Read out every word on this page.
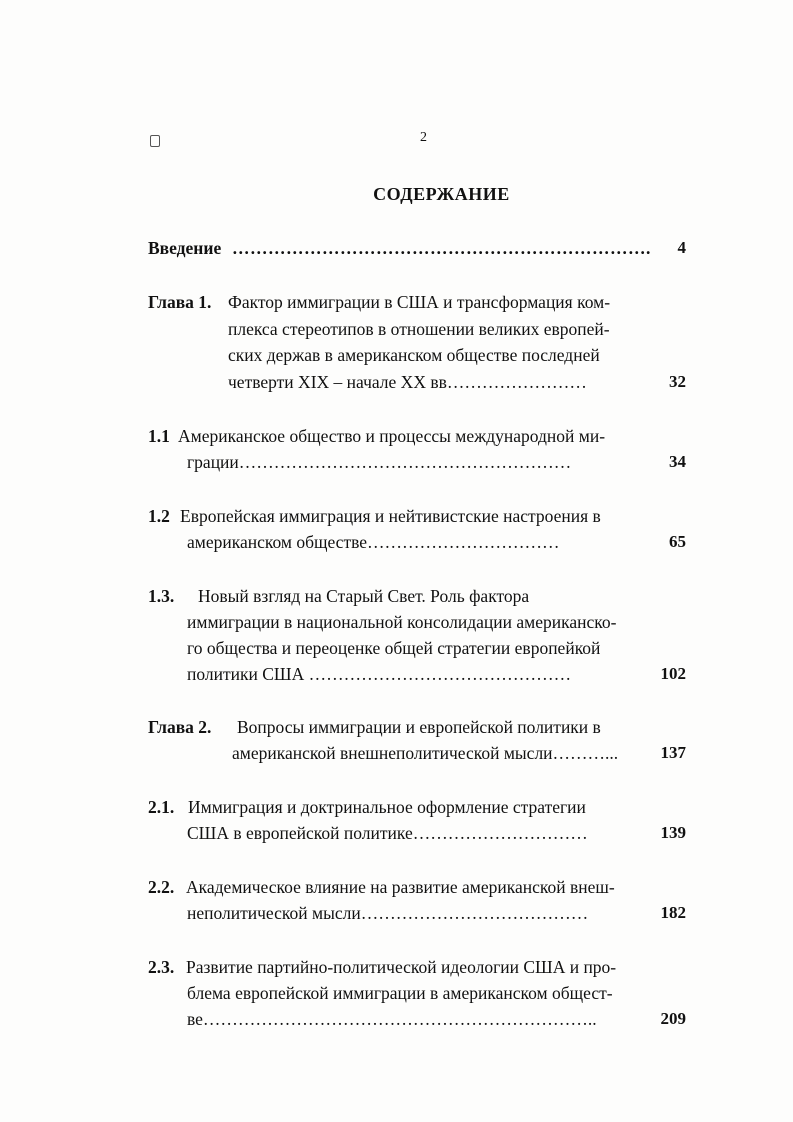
2
СОДЕРЖАНИЕ
Введение ……………………………………………………………. 4
Глава 1. Фактор иммиграции в США и трансформация ком-
плекса стереотипов в отношении великих европей-
ских держав в американском обществе последней
четверти XIX – начале XX вв……………………	32
1.1 Американское общество и процессы международной ми-
грации…………………………………………………	34
1.2 Европейская иммиграция и нейтивистские настроения в
американском обществе……………………………	65
1.3. Новый взгляд на Старый Свет. Роль фактора
иммиграции в национальной консолидации американско-
го общества и переоценке общей стратегии европейкой
политики США ………………………………………	102
Глава 2. Вопросы иммиграции и европейской политики в
американской внешнеполитической мысли………... 137
2.1. Иммиграция и доктринальное оформление стратегии
США в европейской политике…………………………	139
2.2. Академическое влияние на развитие американской внеш-
неполитической мысли…………………………………	182
2.3. Развитие партийно-политической идеологии США и про-
блема европейской иммиграции в американском общест-
ве…………………………………………………………..	209
